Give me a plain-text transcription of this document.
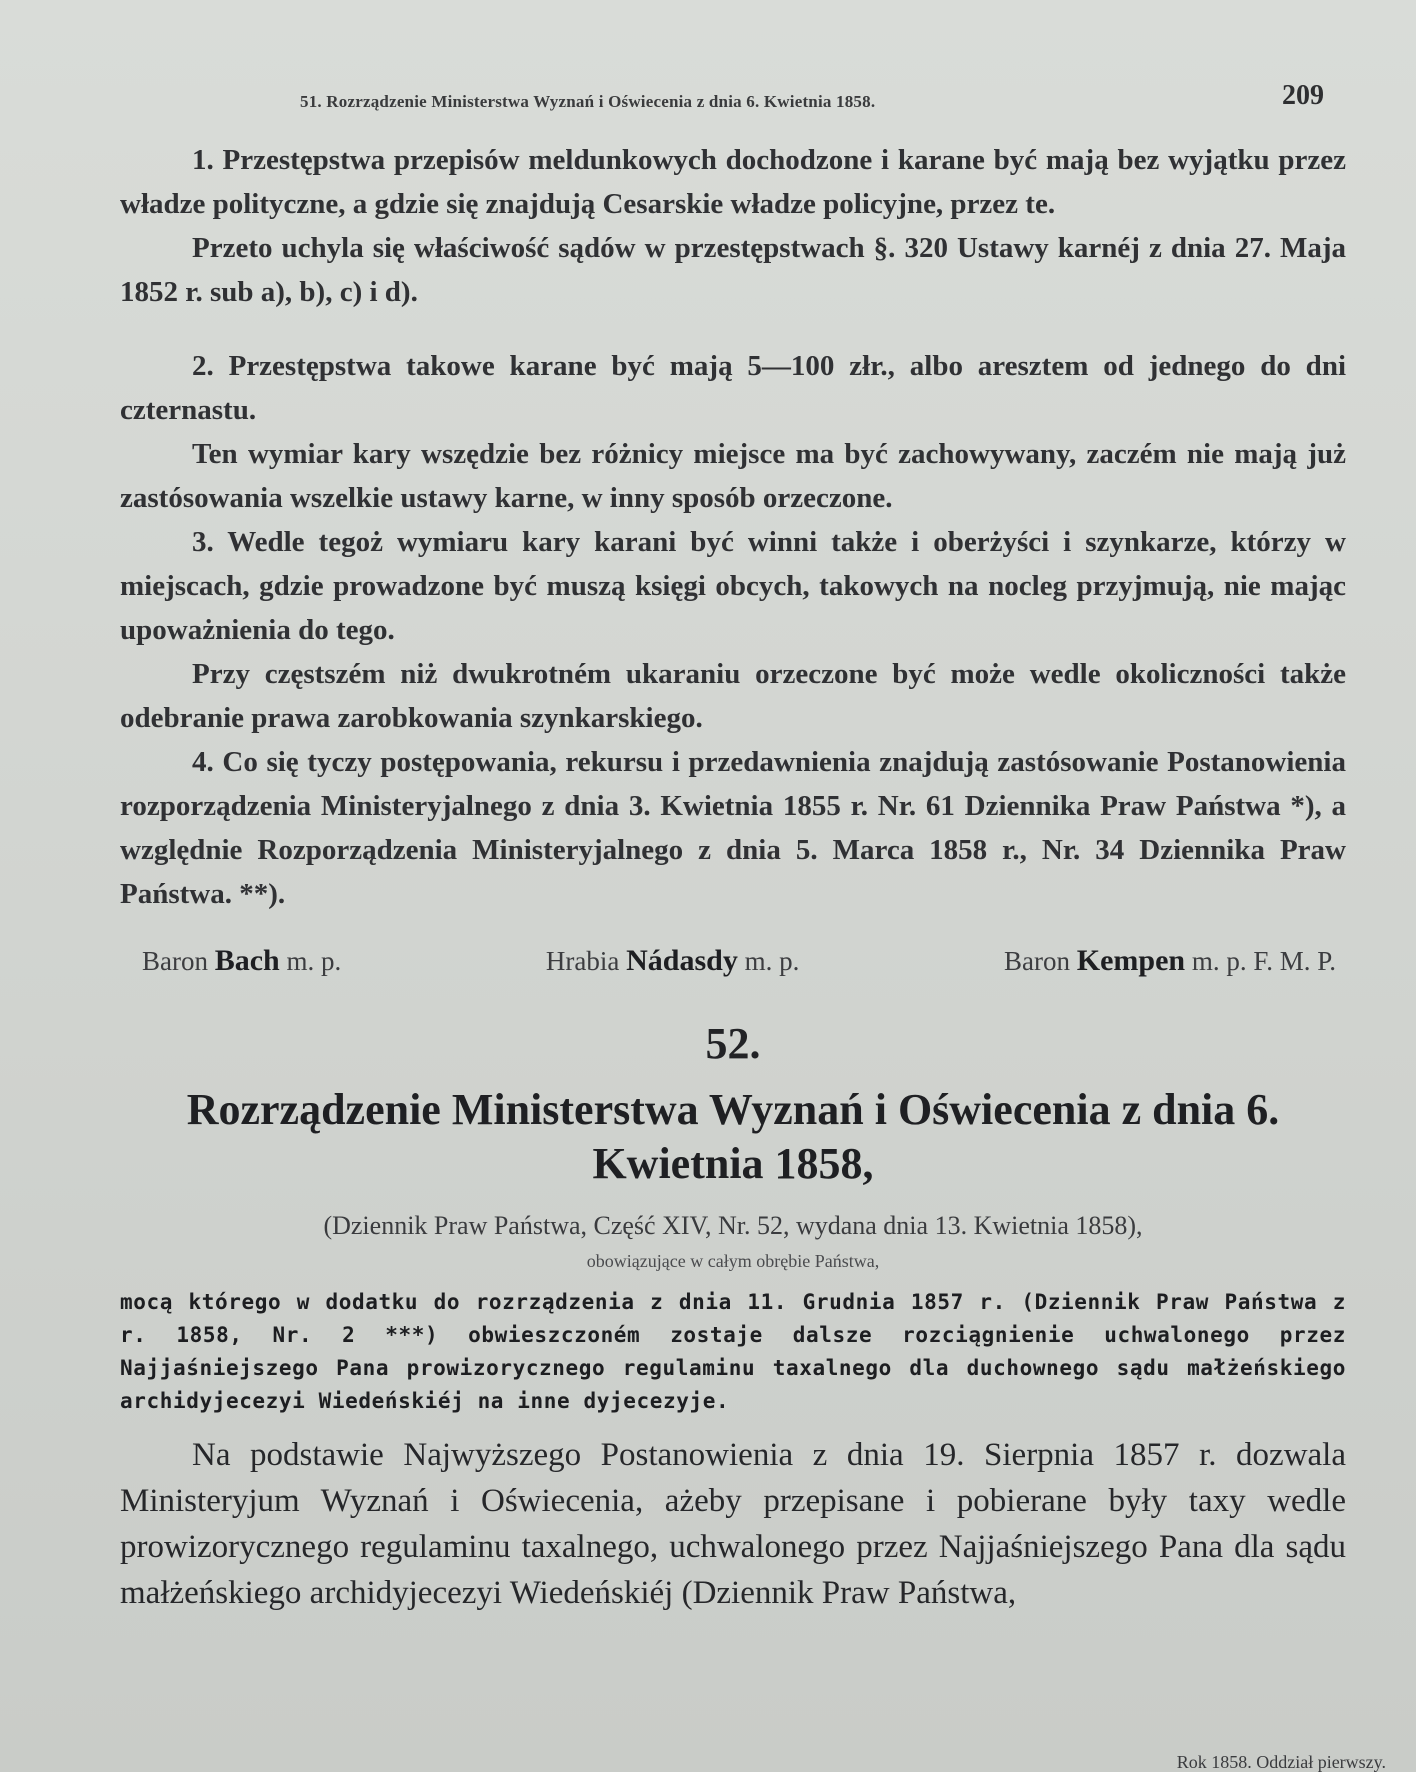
51. Rozrządzenie Ministerstwa Wyznań i Oświecenia z dnia 6. Kwietnia 1858.	209

1. Przestępstwa przepisów meldunkowych dochodzone i karane być mają bez wyjątku przez władze polityczne, a gdzie się znajdują Cesarskie władze policyjne, przez te.

Przeto uchyla się właściwość sądów w przestępstwach §. 320 Ustawy karnéj z dnia 27. Maja 1852 r. sub a), b), c) i d).

2. Przestępstwa takowe karane być mają 5—100 złr., albo aresztem od jednego do dni czternastu.

Ten wymiar kary wszędzie bez różnicy miejsce ma być zachowywany, zaczém nie mają już zastósowania wszelkie ustawy karne, w inny sposób orzeczone.

3. Wedle tegoż wymiaru kary karani być winni także i oberżyści i szynkarze, którzy w miejscach, gdzie prowadzone być muszą księgi obcych, takowych na nocleg przyjmują, nie mając upoważnienia do tego.

Przy częstszém niż dwukrotném ukaraniu orzeczone być może wedle okoliczności także odebranie prawa zarobkowania szynkarskiego.

4. Co się tyczy postępowania, rekursu i przedawnienia znajdują zastósowanie Postanowienia rozporządzenia Ministeryjalnego z dnia 3. Kwietnia 1855 r. Nr. 61 Dziennika Praw Państwa *), a względnie Rozporządzenia Ministeryjalnego z dnia 5. Marca 1858 r., Nr. 34 Dziennika Praw Państwa. **).

Baron Bach m. p.	Hrabia Nádasdy m. p.	Baron Kempen m. p. F. M. P.
52.
Rozrządzenie Ministerstwa Wyznań i Oświecenia z dnia 6. Kwietnia 1858,
(Dziennik Praw Państwa, Część XIV, Nr. 52, wydana dnia 13. Kwietnia 1858),
obowiązujące w całym obrębie Państwa,

mocą którego w dodatku do rozrządzenia z dnia 11. Grudnia 1857 r. (Dziennik Praw Państwa z r. 1858, Nr. 2 ***) obwieszczoném zostaje dalsze rozciągnienie uchwalonego przez Najjaśniejszego Pana prowizorycznego regulaminu taxalnego dla duchownego sądu małżeńskiego archidyjecezyi Wiedeńskiéj na inne dyjecezyje.

Na podstawie Najwyższego Postanowienia z dnia 19. Sierpnia 1857 r. dozwala Ministeryjum Wyznań i Oświecenia, ażeby przepisane i pobierane były taxy wedle prowizorycznego regulaminu taxalnego, uchwalonego przez Najjaśniejszego Pana dla sądu małżeńskiego archidyjecezyi Wiedeńskiéj (Dziennik Praw Państwa,

Rok 1858. Oddział pierwszy.
